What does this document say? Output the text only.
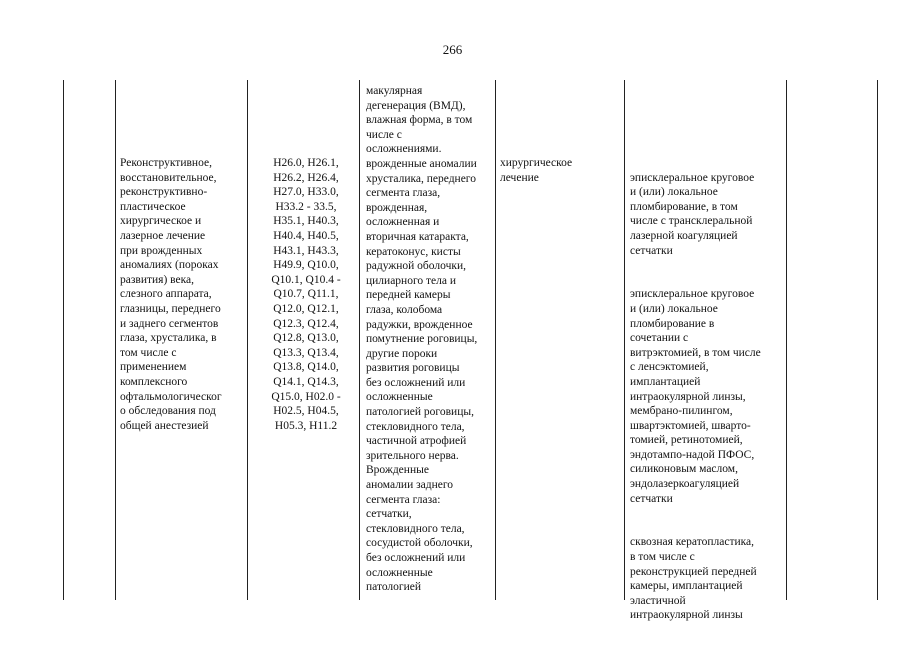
266
Реконструктивное,
восстановительное,
реконструктивно-
пластическое
хирургическое и
лазерное лечение
при врожденных
аномалиях (пороках
развития) века,
слезного аппарата,
глазницы, переднего
и заднего сегментов
глаза, хрусталика, в
том числе с
применением
комплексного
офтальмологическог
о обследования под
общей анестезией
H26.0, H26.1,
H26.2, H26.4,
H27.0, H33.0,
H33.2 - 33.5,
H35.1, H40.3,
H40.4, H40.5,
H43.1, H43.3,
H49.9, Q10.0,
Q10.1, Q10.4 -
Q10.7, Q11.1,
Q12.0, Q12.1,
Q12.3, Q12.4,
Q12.8, Q13.0,
Q13.3, Q13.4,
Q13.8, Q14.0,
Q14.1, Q14.3,
Q15.0, H02.0 -
H02.5, H04.5,
H05.3, H11.2
макулярная
дегенерация (ВМД),
влажная форма, в том
числе с
осложнениями.
врожденные аномалии
хрусталика, переднего
сегмента глаза,
врожденная,
осложненная и
вторичная катаракта,
кератоконус, кисты
радужной оболочки,
цилиарного тела и
передней камеры
глаза, колобома
радужки, врожденное
помутнение роговицы,
другие пороки
развития роговицы
без осложнений или
осложненные
патологией роговицы,
стекловидного тела,
частичной атрофией
зрительного нерва.
Врожденные
аномалии заднего
сегмента глаза:
сетчатки,
стекловидного тела,
сосудистой оболочки,
без осложнений или
осложненные
патологией
хирургическое
лечение	эписклеральное круговое
и (или) локальное
пломбирование, в том
числе с трансклеральной
лазерной коагуляцией
сетчатки

эписклеральное круговое
и (или) локальное
пломбирование в
сочетании с
витрэктомией, в том числе
с ленсэктомией,
имплантацией
интраокулярной линзы,
мембрано-пилингом,
швартэктомией, шварто-
томией, ретинотомией,
эндотампо-надой ПФОС,
силиконовым маслом,
эндолазеркоагуляцией
сетчатки

сквозная кератопластика,
в том числе с
реконструкцией передней
камеры, имплантацией
эластичной
интраокулярной линзы
